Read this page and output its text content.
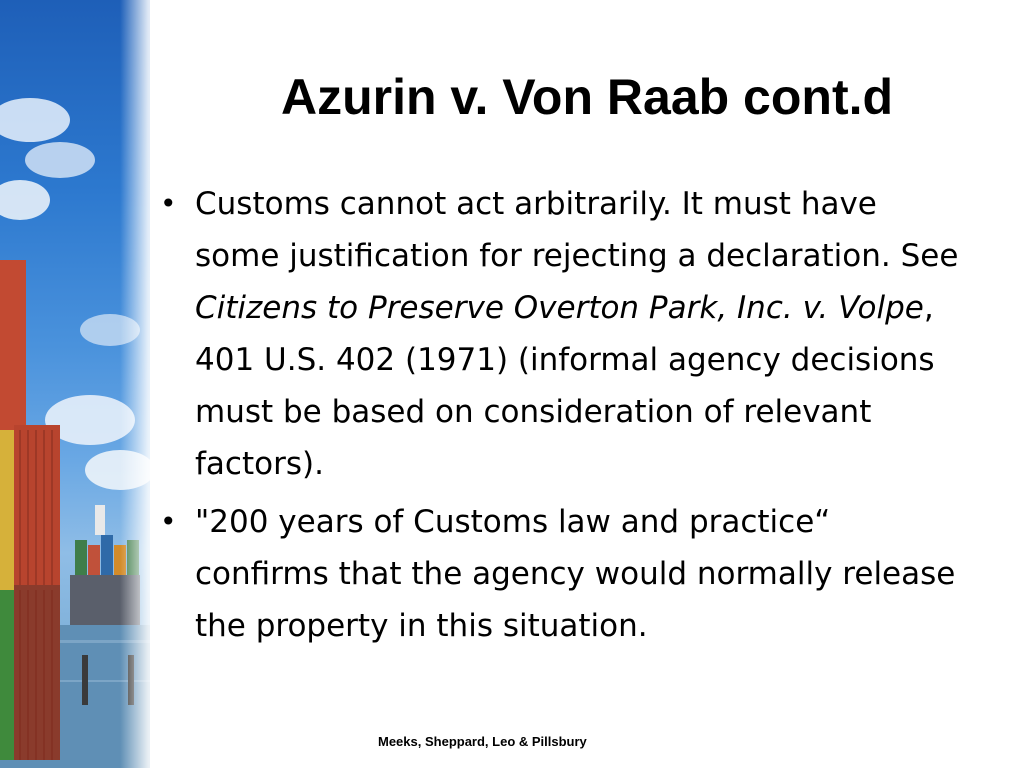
Azurin v. Von Raab cont.d
• Customs cannot act arbitrarily. It must have some justification for rejecting a declaration. See Citizens to Preserve Overton Park, Inc. v. Volpe, 401 U.S. 402 (1971) (informal agency decisions must be based on consideration of relevant factors).
• "200 years of Customs law and practice“ confirms that the agency would normally release the property in this situation.
Meeks, Sheppard, Leo & Pillsbury
